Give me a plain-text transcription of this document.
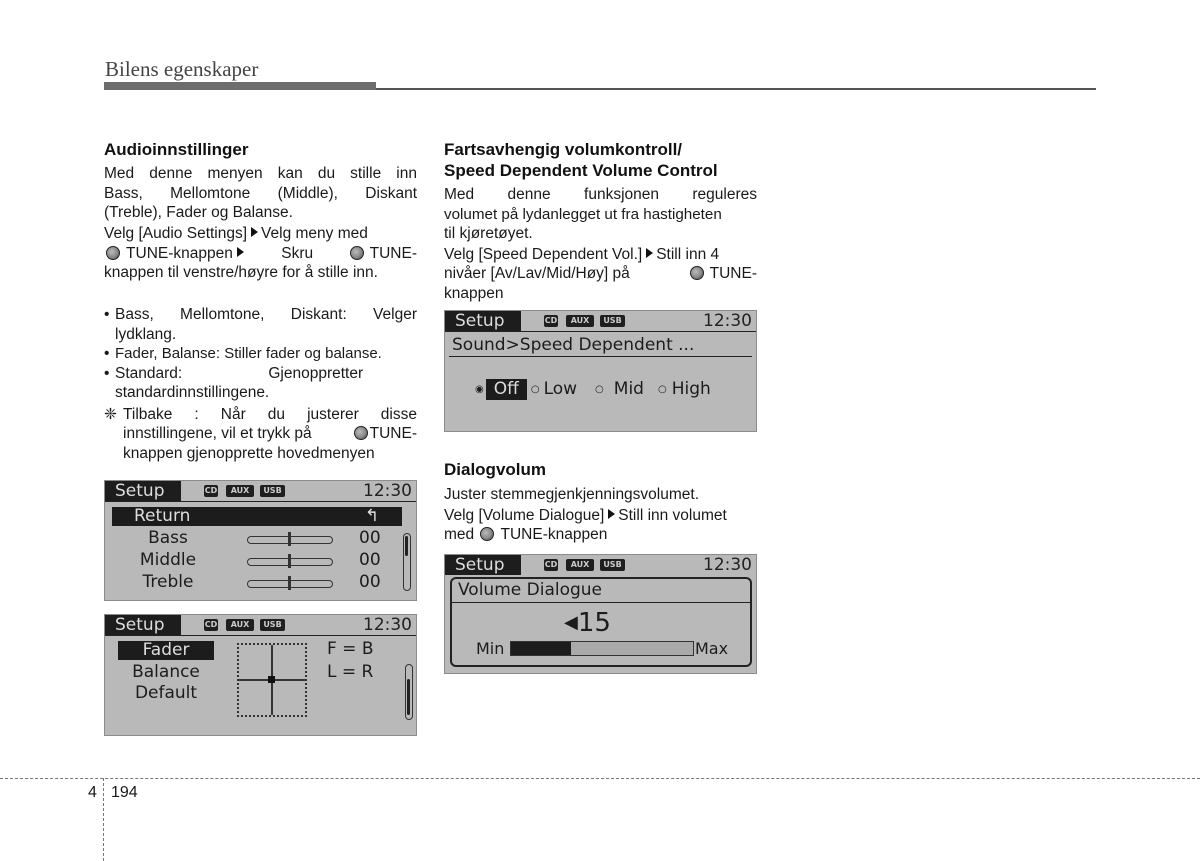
Bilens egenskaper
Audioinnstillinger
Med denne menyen kan du stille inn
Bass, Mellomtone (Middle), Diskant
(Treble), Fader og Balanse.
Velg [Audio Settings] Velg meny med
TUNE-knappen	Skru	TUNE-
knappen til venstre/høyre for å stille inn.
• Bass, Mellomtone, Diskant: Velger
lydklang.
• Fader, Balanse: Stiller fader og balanse.
• Standard:                    Gjenoppretter
standardinnstillingene.
❈ Tilbake : Når du justerer disse
innstillingene, vil et trykk på	TUNE-
knappen gjenopprette hovedmenyen
Setup	CD	AUX	USB	12:30
Return	↰
Bass	00
Middle	00
Treble	00
Setup	CD	AUX	USB	12:30
Fader
Balance
Default
F = B
L = R
Fartsavhengig volumkontroll/
Speed Dependent Volume Control
Med denne funksjonen reguleres
volumet på lydanlegget ut fra hastigheten
til kjøretøyet.
Velg [Speed Dependent Vol.] Still inn 4
nivåer [Av/Lav/Mid/Høy] på	TUNE-
knappen
Setup	CD	AUX	USB	12:30
Sound>Speed Dependent ...
◉ Off	○ Low ○ Mid ○ High
Dialogvolum
Juster stemmegjenkjenningsvolumet.
Velg [Volume Dialogue] Still inn volumet
med TUNE-knappen
Setup	CD	AUX	USB	12:30
Volume Dialogue
◀15
Min	Max
4 194
